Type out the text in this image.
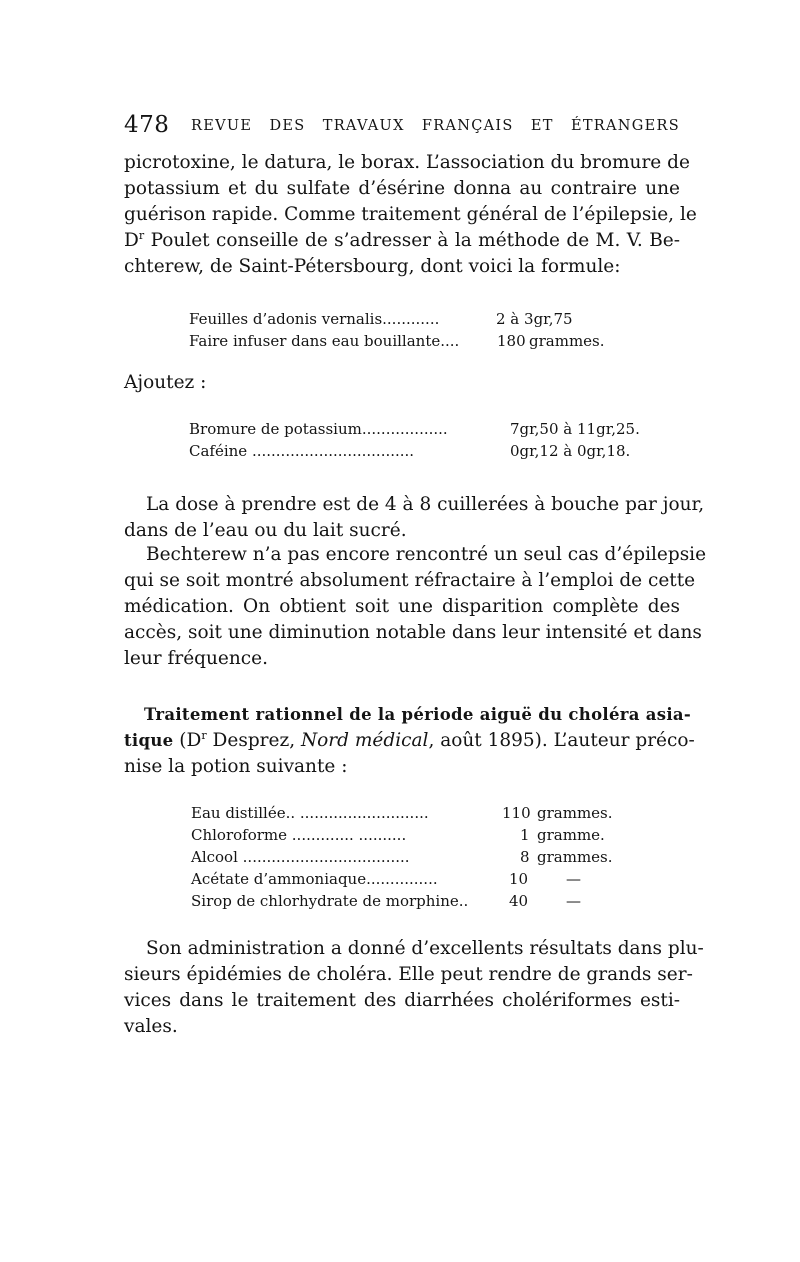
478 REVUE DES TRAVAUX FRANÇAIS ET ÉTRANGERS
picrotoxine, le datura, le borax. L’association du bromure de
potassium et du sulfate d’ésérine donna au contraire une
guérison rapide. Comme traitement général de l’épilepsie, le
$D^r$ Poulet conseille de s’adresser à la méthode de M. V. Be-
chterew, de Saint-Pétersbourg, dont voici la formule:
Feuilles d’adonis vernalis............	2 à 3gr,75
Faire infuser dans eau bouillante....	180 grammes.
Ajoutez :
Bromure de potassium..................	7gr,50 à 11gr,25.
Caféine ..................................	0gr,12 à 0gr,18.
La dose à prendre est de 4 à 8 cuillerées à bouche par jour,
dans de l’eau ou du lait sucré.
Bechterew n’a pas encore rencontré un seul cas d’épilepsie
qui se soit montré absolument réfractaire à l’emploi de cette
médication. On obtient soit une disparition complète des
accès, soit une diminution notable dans leur intensité et dans
leur fréquence.
Traitement rationnel de la période aiguë du choléra asia-
tique ($D^r$ Desprez, Nord médical, août 1895). L’auteur préco-
nise la potion suivante :
Eau distillée.. ...........................	110 grammes.
Chloroforme ............. ..........	1 gramme.
Alcool ...................................	8 grammes.
Acétate d’ammoniaque...............	10	—
Sirop de chlorhydrate de morphine..	40	—
Son administration a donné d’excellents résultats dans plu-
sieurs épidémies de choléra. Elle peut rendre de grands ser-
vices dans le traitement des diarrhées cholériformes esti-
vales.
